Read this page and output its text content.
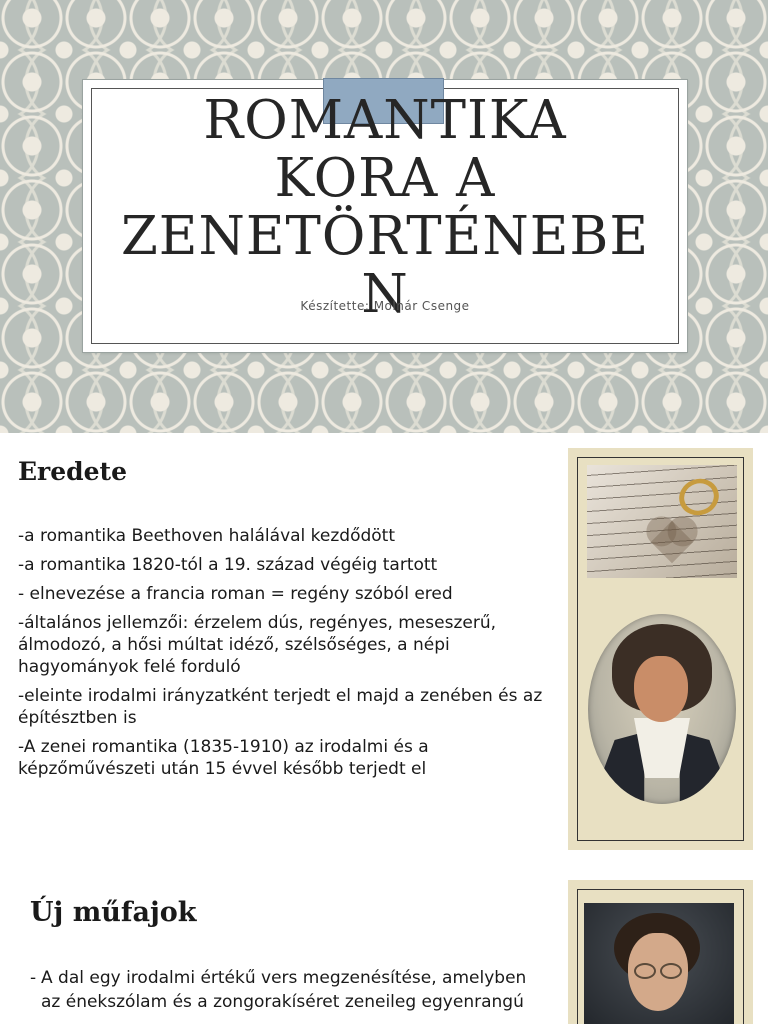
ROMANTIKA
KORA A
ZENETÖRTÉNEBE
N
Készítette: Molnár Csenge
Eredete

-a romantika Beethoven halálával kezdődött

-a romantika 1820-tól a 19. század végéig tartott

- elnevezése a francia roman = regény szóból ered

-általános jellemzői: érzelem dús, regényes, meseszerű, álmodozó, a hősi múltat idéző, szélsőséges, a népi hagyományok felé forduló

-eleinte irodalmi irányzatként terjedt el majd a zenében és az építésztben is

-A zenei romantika (1835-1910) az irodalmi és a képzőművészeti után 15 évvel később terjedt el

Új műfajok
- A dal egy irodalmi értékű vers megzenésítése, amelyben az énekszólam és a zongorakíséret zeneileg egyenrangú
